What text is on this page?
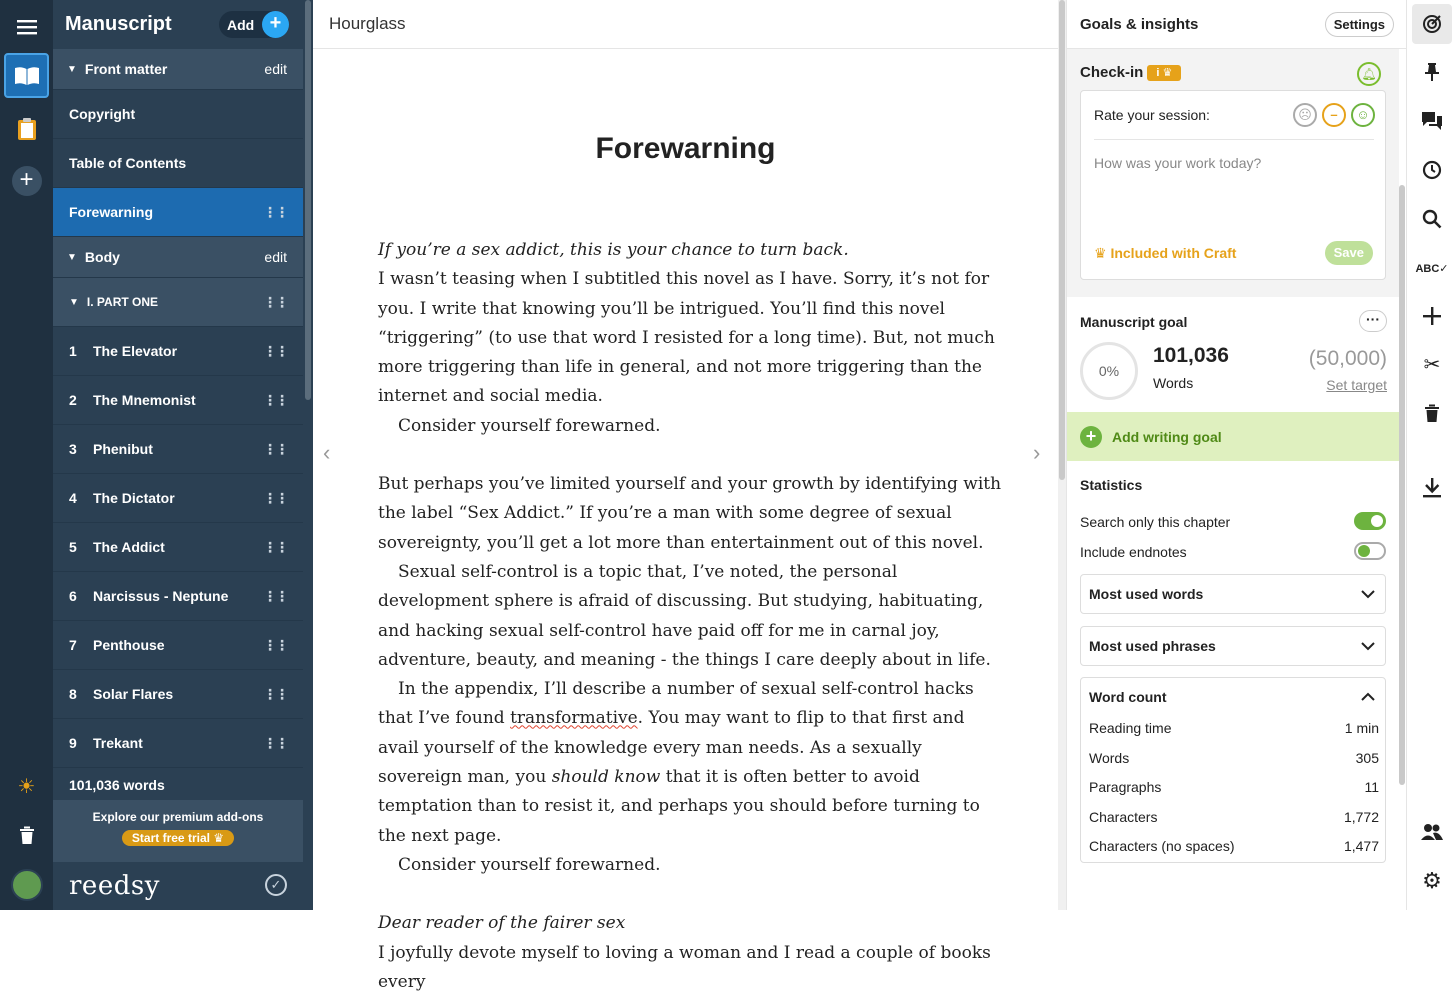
+
☀
Manuscript	Add +
▼ Front matter	edit
Copyright
Table of Contents
Forewarning	⋮⋮
▼ Body	edit
▼ I. PART ONE	⋮⋮
1	The Elevator	⋮⋮
2	The Mnemonist	⋮⋮
3	Phenibut	⋮⋮
4	The Dictator	⋮⋮
5	The Addict	⋮⋮
6	Narcissus - Neptune ⋮⋮
7	Penthouse	⋮⋮
8	Solar Flares	⋮⋮
9	Trekant	⋮⋮
101,036 words
Explore our premium add-ons
Start free trial ♛
reedsy	✓
Hourglass
Forewarning

If you’re a sex addict, this is your chance to turn back.

I wasn’t teasing when I subtitled this novel as I have. Sorry, it’s not for you. I write that knowing you’ll be intrigued. You’ll find this novel “triggering” (to use that word I resisted for a long time). But, not much more triggering than life in general, and not more triggering than the internet and social media.

Consider yourself forewarned.

But perhaps you’ve limited yourself and your growth by identifying with the label “Sex Addict.” If you’re a man with some degree of sexual sovereignty, you’ll get a lot more than entertainment out of this novel.

Sexual self-control is a topic that, I’ve noted, the personal development sphere is afraid of discussing. But studying, habituating, and hacking sexual self-control have paid off for me in carnal joy, adventure, beauty, and meaning - the things I care deeply about in life.

In the appendix, I’ll describe a number of sexual self-control hacks that I’ve found transformative. You may want to flip to that first and avail yourself of the knowledge every man needs. As a sexually sovereign man, you should know that it is often better to avoid temptation than to resist it, and perhaps you should before turning to the next page.

Consider yourself forewarned.

Dear reader of the fairer sex

I joyfully devote myself to loving a woman and I read a couple of books every

‹	›
Goals & insights	Settings
Check-in i ♛	🔔︎
Rate your session:	☹	–	☺
How was your work today?
♛ Included with Craft	Save
Manuscript goal	···
0%
101,036
Words
(50,000)
Set target
+	Add writing goal
Statistics
Search only this chapter
Include endnotes
Most used words
Most used phrases
Word count
Reading time	1 min
Words	305
Paragraphs	11
Characters	1,772
Characters (no spaces)	1,477
ABC✓
✂
⚙
